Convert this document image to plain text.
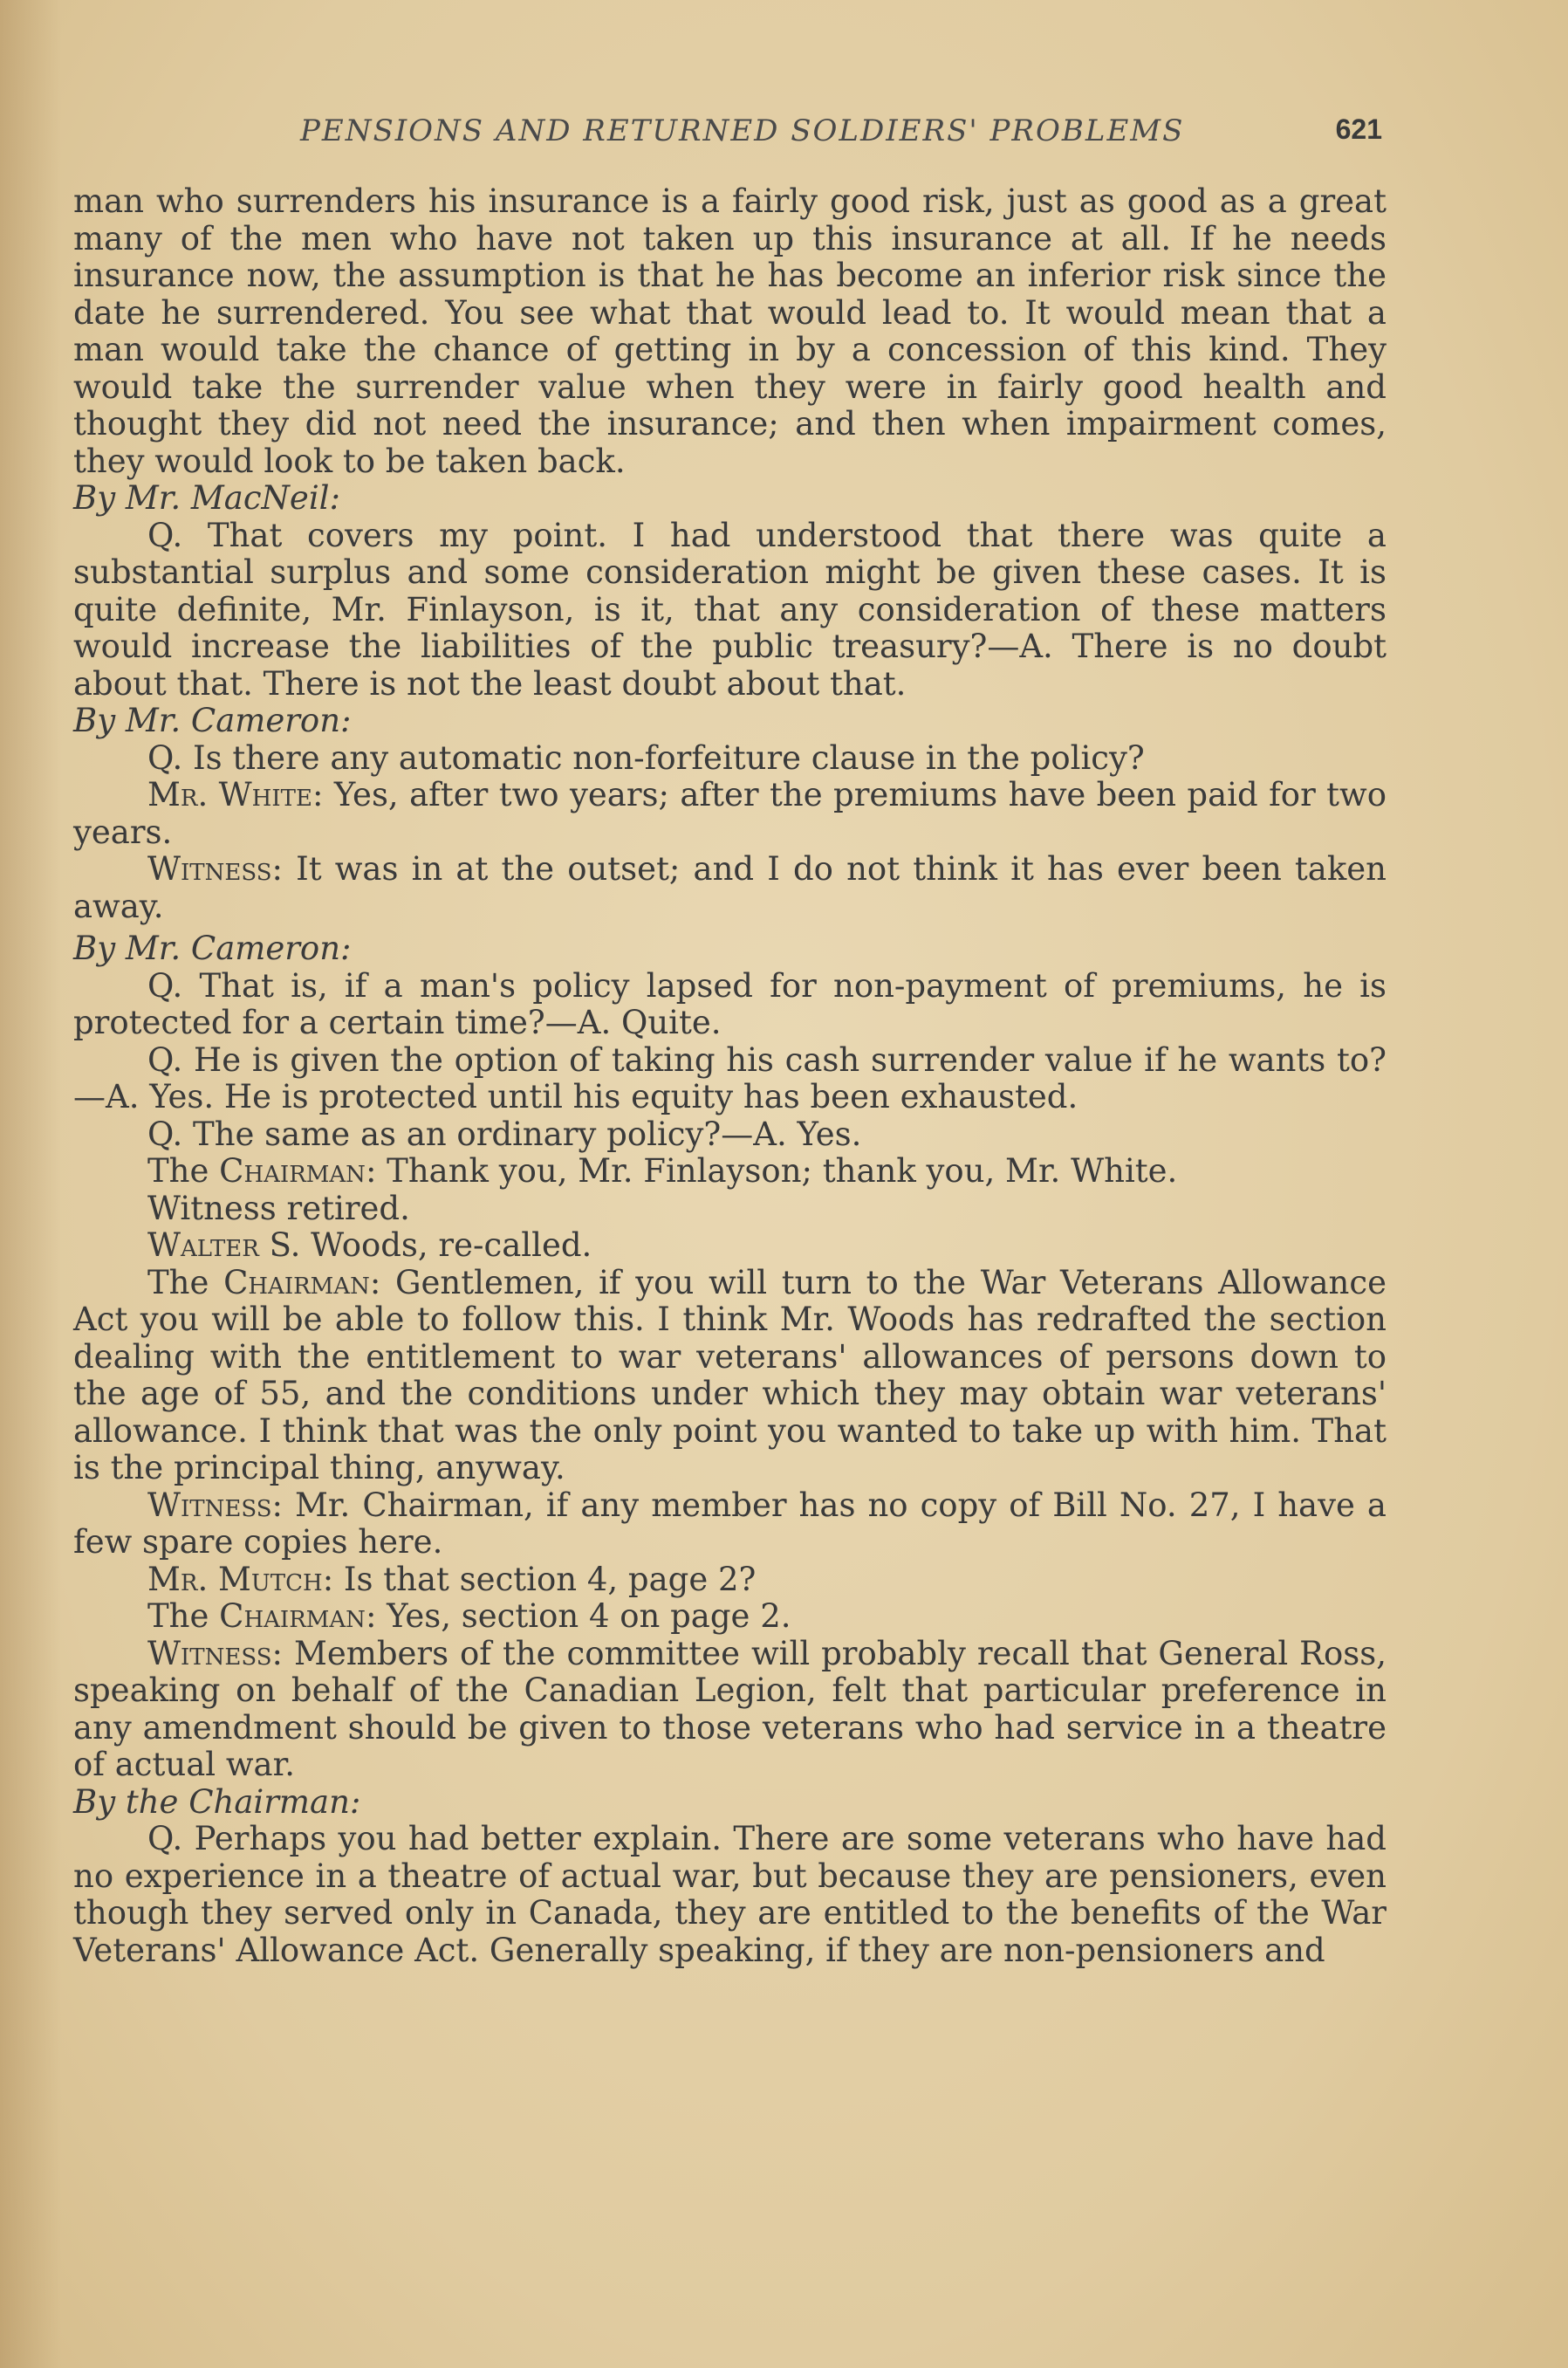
PENSIONS AND RETURNED SOLDIERS' PROBLEMS	621

man who surrenders his insurance is a fairly good risk, just as good as a great many of the men who have not taken up this insurance at all. If he needs insurance now, the assumption is that he has become an inferior risk since the date he surrendered. You see what that would lead to. It would mean that a man would take the chance of getting in by a concession of this kind. They would take the surrender value when they were in fairly good health and thought they did not need the insurance; and then when impairment comes, they would look to be taken back.

By Mr. MacNeil:

Q. That covers my point. I had understood that there was quite a substantial surplus and some consideration might be given these cases. It is quite definite, Mr. Finlayson, is it, that any consideration of these matters would increase the liabilities of the public treasury?—A. There is no doubt about that. There is not the least doubt about that.

By Mr. Cameron:

Q. Is there any automatic non-forfeiture clause in the policy?

Mr. White: Yes, after two years; after the premiums have been paid for two years.

Witness: It was in at the outset; and I do not think it has ever been taken away.

By Mr. Cameron:

Q. That is, if a man's policy lapsed for non-payment of premiums, he is protected for a certain time?—A. Quite.

Q. He is given the option of taking his cash surrender value if he wants to? —A. Yes. He is protected until his equity has been exhausted.

Q. The same as an ordinary policy?—A. Yes.

The Chairman: Thank you, Mr. Finlayson; thank you, Mr. White.

Witness retired.

Walter S. Woods, re-called.

The Chairman: Gentlemen, if you will turn to the War Veterans Allowance Act you will be able to follow this. I think Mr. Woods has redrafted the section dealing with the entitlement to war veterans' allowances of persons down to the age of 55, and the conditions under which they may obtain war veterans' allowance. I think that was the only point you wanted to take up with him. That is the principal thing, anyway.

Witness: Mr. Chairman, if any member has no copy of Bill No. 27, I have a few spare copies here.

Mr. Mutch: Is that section 4, page 2?

The Chairman: Yes, section 4 on page 2.

Witness: Members of the committee will probably recall that General Ross, speaking on behalf of the Canadian Legion, felt that particular preference in any amendment should be given to those veterans who had service in a theatre of actual war.

By the Chairman:

Q. Perhaps you had better explain. There are some veterans who have had no experience in a theatre of actual war, but because they are pensioners, even though they served only in Canada, they are entitled to the benefits of the War Veterans' Allowance Act. Generally speaking, if they are non-pensioners and
